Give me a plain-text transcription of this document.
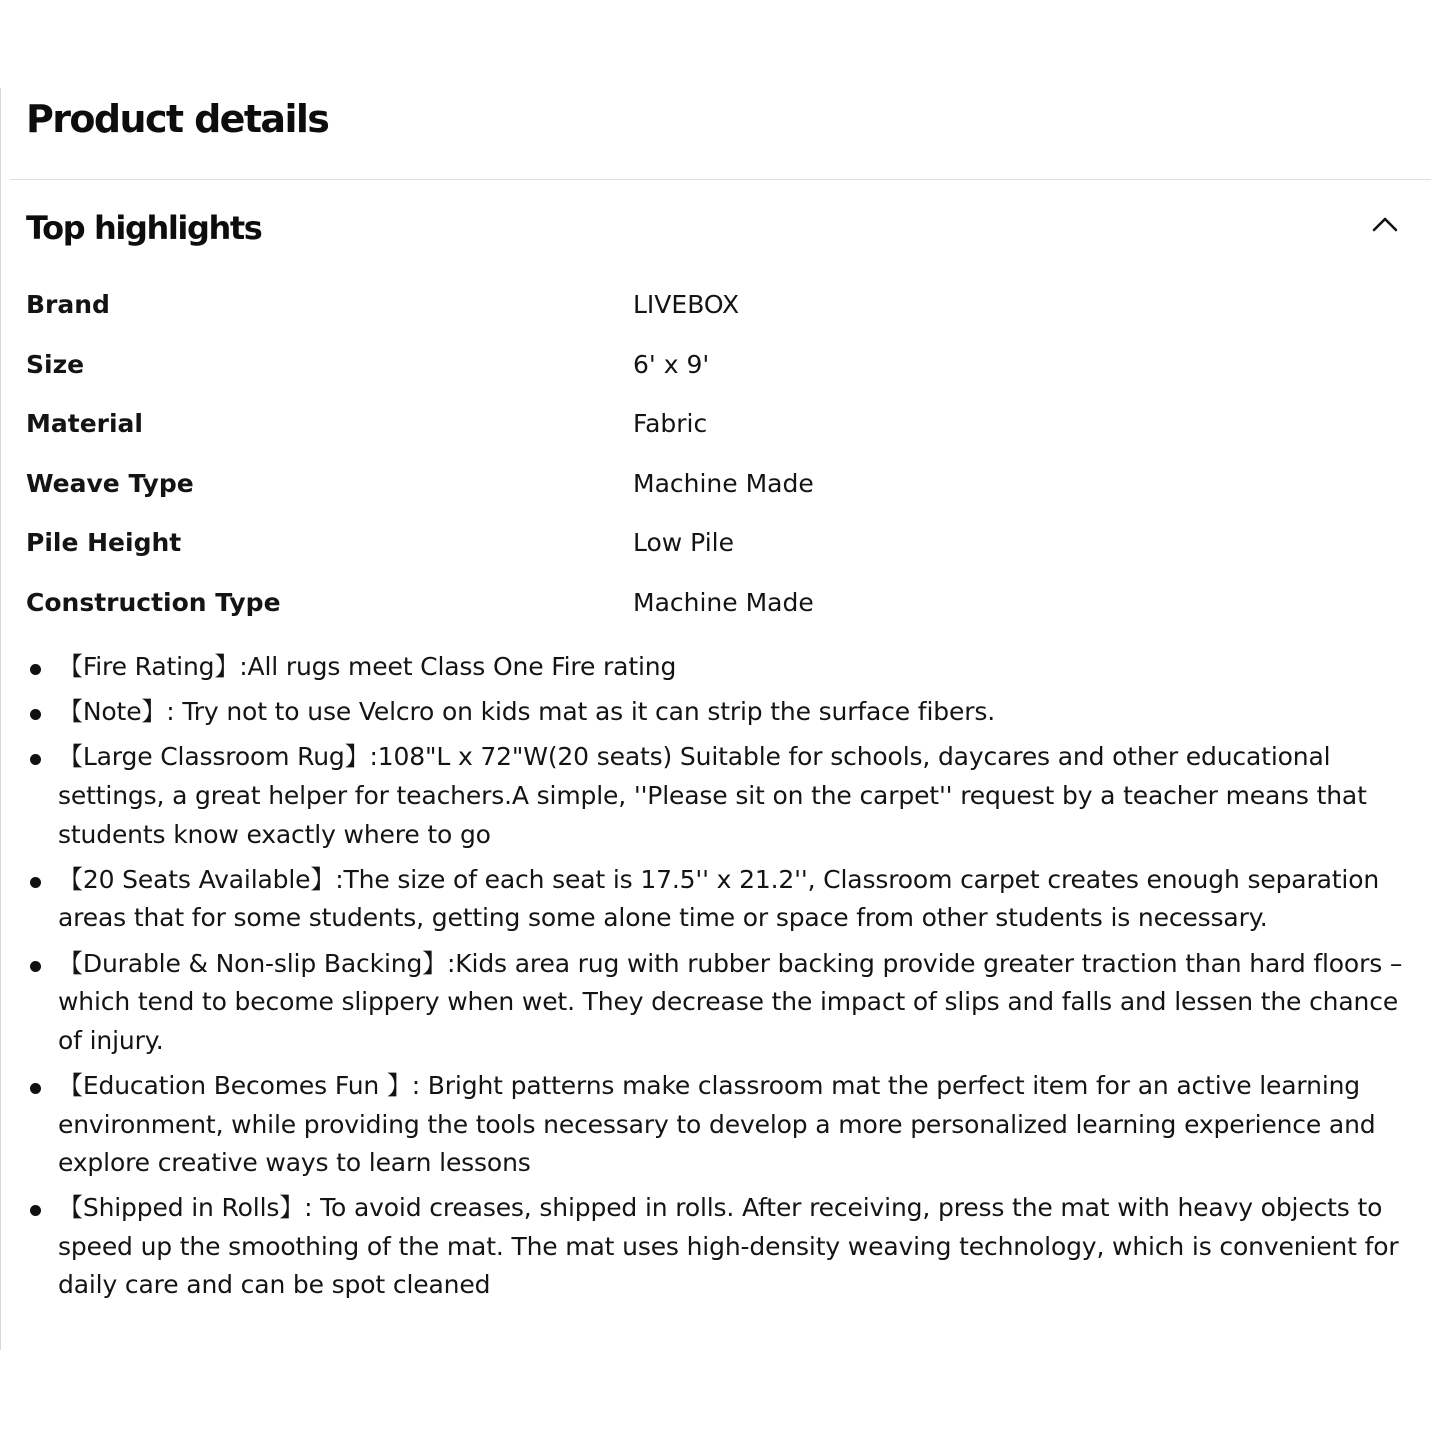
Product details
Top highlights
Brand	LIVEBOX
Size	6' x 9'
Material	Fabric
Weave Type	Machine Made
Pile Height	Low Pile
Construction Type	Machine Made
【Fire Rating】:All rugs meet Class One Fire rating
【Note】: Try not to use Velcro on kids mat as it can strip the surface fibers.
【Large Classroom Rug】:108"L x 72"W(20 seats) Suitable for schools, daycares and other educational settings, a great helper for teachers.A simple, ''Please sit on the carpet'' request by a teacher means that students know exactly where to go
【20 Seats Available】:The size of each seat is 17.5'' x 21.2'', Classroom carpet creates enough separation areas that for some students, getting some alone time or space from other students is necessary.
【Durable & Non-slip Backing】:Kids area rug with rubber backing provide greater traction than hard floors – which tend to become slippery when wet. They decrease the impact of slips and falls and lessen the chance of injury.
【Education Becomes Fun 】: Bright patterns make classroom mat the perfect item for an active learning environment, while providing the tools necessary to develop a more personalized learning experience and explore creative ways to learn lessons
【Shipped in Rolls】: To avoid creases, shipped in rolls. After receiving, press the mat with heavy objects to speed up the smoothing of the mat. The mat uses high-density weaving technology, which is convenient for daily care and can be spot cleaned
